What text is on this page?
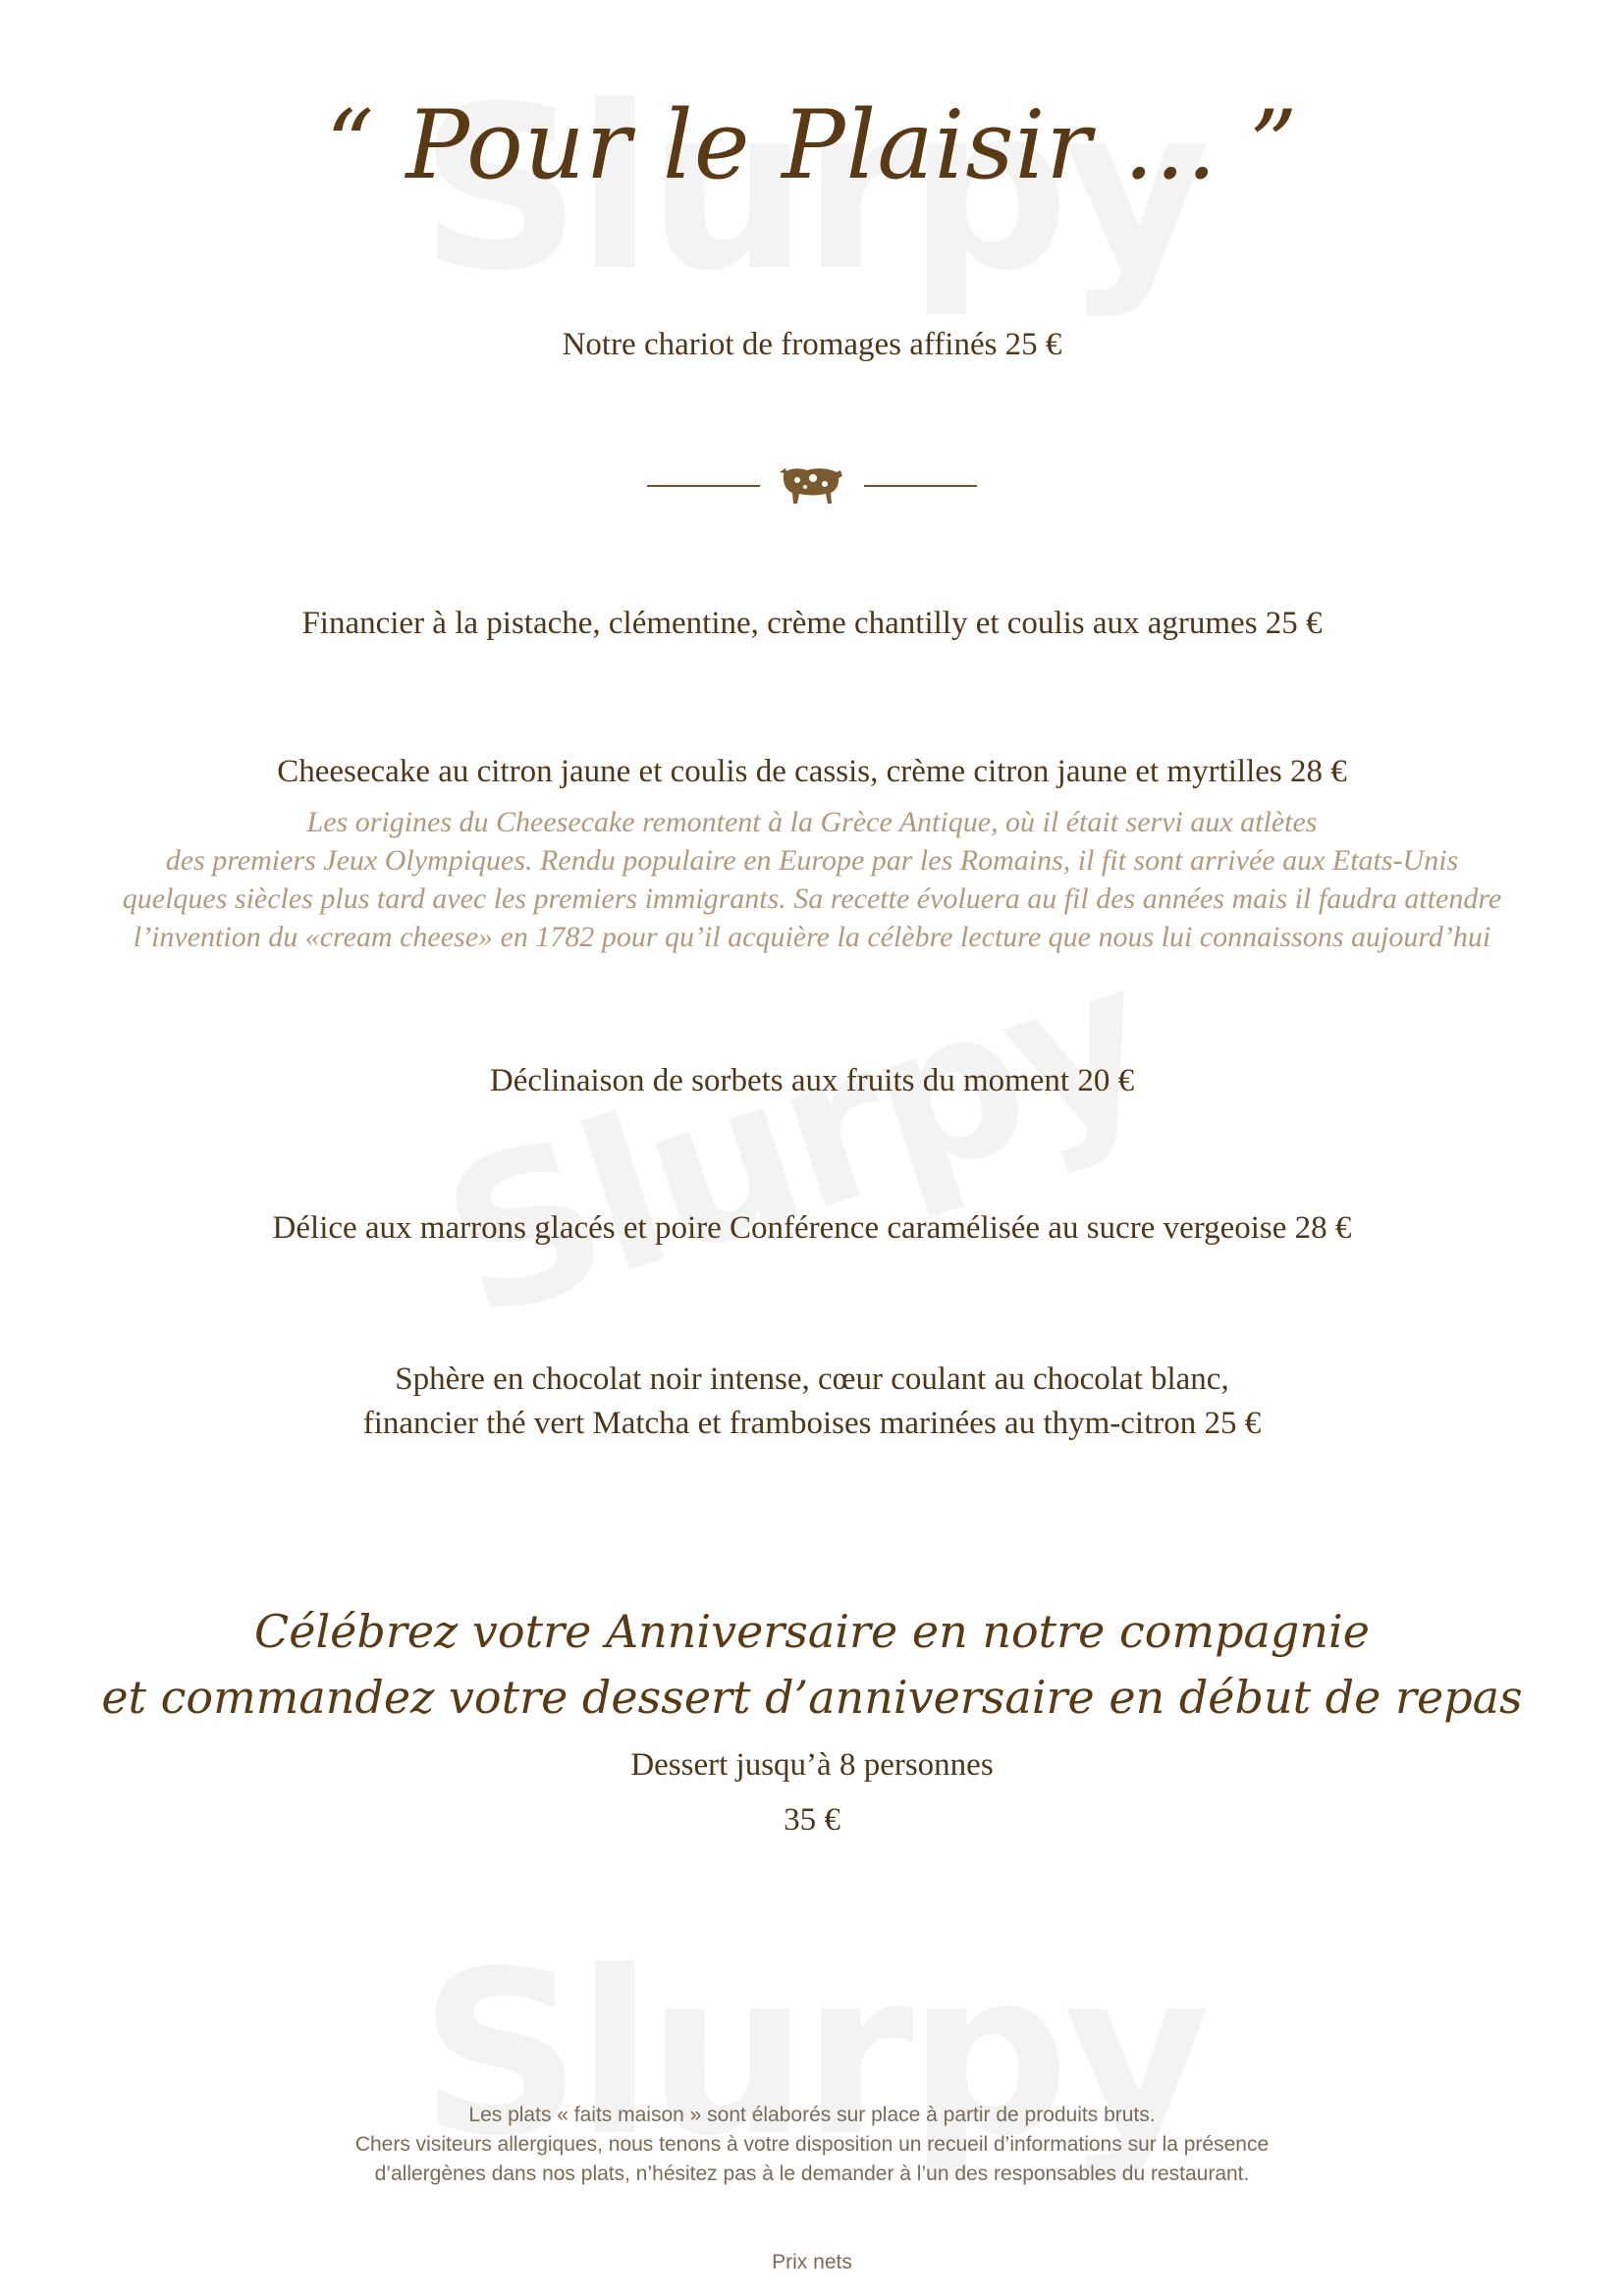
“ Pour le Plaisir … ”
Notre chariot de fromages affinés 25 €
Financier à la pistache, clémentine, crème chantilly et coulis aux agrumes 25 €
Cheesecake au citron jaune et coulis de cassis, crème citron jaune et myrtilles 28 €
Les origines du Cheesecake remontent à la Grèce Antique, où il était servi aux atlètes
des premiers Jeux Olympiques. Rendu populaire en Europe par les Romains, il fit sont arrivée aux Etats-Unis
quelques siècles plus tard avec les premiers immigrants. Sa recette évoluera au fil des années mais il faudra attendre
l’invention du «cream cheese» en 1782 pour qu’il acquière la célèbre lecture que nous lui connaissons aujourd’hui
Déclinaison de sorbets aux fruits du moment 20 €
Délice aux marrons glacés et poire Conférence caramélisée au sucre vergeoise 28 €
Sphère en chocolat noir intense, cœur coulant au chocolat blanc,
financier thé vert Matcha et framboises marinées au thym-citron 25 €
Célébrez votre Anniversaire en notre compagnie
et commandez votre dessert d’anniversaire en début de repas
Dessert jusqu’à 8 personnes
35 €
Les plats « faits maison » sont élaborés sur place à partir de produits bruts.
Chers visiteurs allergiques, nous tenons à votre disposition un recueil d’informations sur la présence
d’allergènes dans nos plats, n’hésitez pas à le demander à l’un des responsables du restaurant.
Prix nets
